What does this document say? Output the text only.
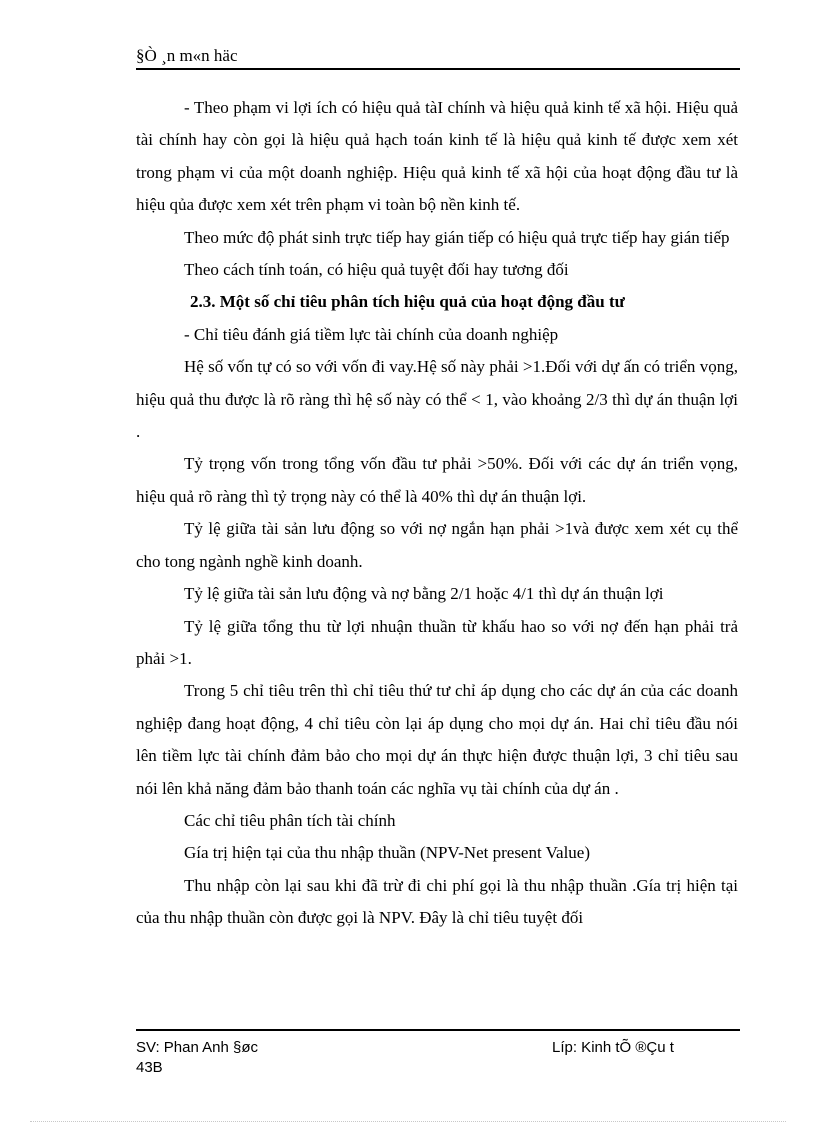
§Ò ¸n m«n häc

- Theo phạm vi lợi ích có hiệu quả tàI chính và hiệu quả kinh tế xã hội. Hiệu quả tài chính hay còn gọi là hiệu quả hạch toán kinh tế là hiệu quả kinh tế được xem xét trong phạm vi của một doanh nghiệp. Hiệu quả kinh tế xã hội của hoạt động đầu tư là hiệu qủa được xem xét trên phạm vi toàn bộ nền kinh tế.

Theo mức độ phát sinh trực tiếp hay gián tiếp có hiệu quả trực tiếp hay gián tiếp

Theo cách tính toán, có hiệu quả tuyệt đối hay tương đối

2.3. Một số chỉ tiêu phân tích hiệu quả của hoạt động đầu tư

- Chỉ tiêu đánh giá tiềm lực tài chính của doanh nghiệp

Hệ số vốn tự có so với vốn đi vay.Hệ số này phải >1.Đối với dự ấn có triển vọng, hiệu quả thu được là rõ ràng thì hệ số này có thể < 1, vào khoảng 2/3 thì dự án thuận lợi .

Tỷ trọng vốn trong tổng vốn đầu tư phải >50%. Đối với các dự án triển vọng, hiệu quả rõ ràng thì tỷ trọng này có thể là 40% thì dự án thuận lợi.

Tỷ lệ giữa tài sản lưu động so với nợ ngắn hạn phải >1và được xem xét cụ thể cho tong ngành nghề kinh doanh.

Tỷ lệ giữa tài sản lưu động và nợ bằng 2/1 hoặc 4/1 thì dự án thuận lợi

Tỷ lệ giữa tổng thu từ lợi nhuận thuần từ khấu hao so với nợ đến hạn phải trả phải >1.

Trong 5 chỉ tiêu trên thì chỉ tiêu thứ tư chỉ áp dụng cho các dự án của các doanh nghiệp đang hoạt động, 4 chỉ tiêu còn lại áp dụng cho mọi dự án. Hai chỉ tiêu đầu nói lên tiềm lực tài chính đảm bảo cho mọi dự án thực hiện được thuận lợi, 3 chỉ tiêu sau nói lên khả năng đảm bảo thanh toán các nghĩa vụ tài chính của dự án .

Các chỉ tiêu phân tích tài chính

Gía trị hiện tại của thu nhập thuần (NPV-Net present Value)

Thu nhập còn lại sau khi đã trừ đi chi phí gọi là thu nhập thuần .Gía trị hiện tại của thu nhập thuần còn được gọi là NPV. Đây là chỉ tiêu tuyệt đối

SV: Phan Anh §øc
43B
Líp: Kinh tÕ ®Çu t
